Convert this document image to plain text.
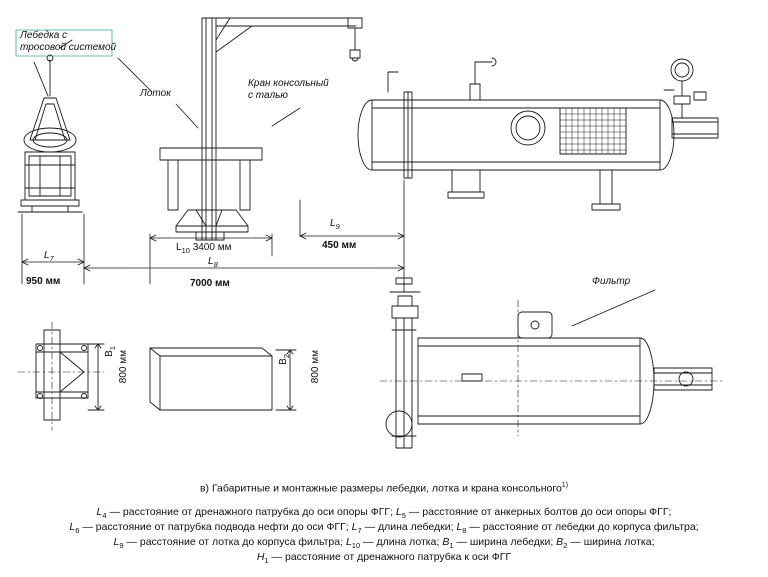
Лебедка с
тросовой системой
Лоток
Кран консольный
с талью
Фильтр
$L_7$
950 мм
$L_{10}$ 3400 мм
$L_9$
450 мм
$L_8$
7000 мм
$B_1$
800 мм	$B_2$ 800 мм
в) Габаритные и монтажные размеры лебедки, лотка и крана консольного$^{1)}$
$L_4$ — расстояние от дренажного патрубка до оси опоры ФГГ; $L_5$ — расстояние от анкерных болтов до оси опоры ФГГ;
$L_6$ — расстояние от патрубка подвода нефти до оси ФГГ; $L_7$ — длина лебедки; $L_8$ — расстояние от лебедки до корпуса фильтра;
$L_9$ — расстояние от лотка до корпуса фильтра; $L_{10}$ — длина лотка; $B_1$ — ширина лебедки; $B_2$ — ширина лотка;
$H_1$ — расстояние от дренажного патрубка к оси ФГГ
